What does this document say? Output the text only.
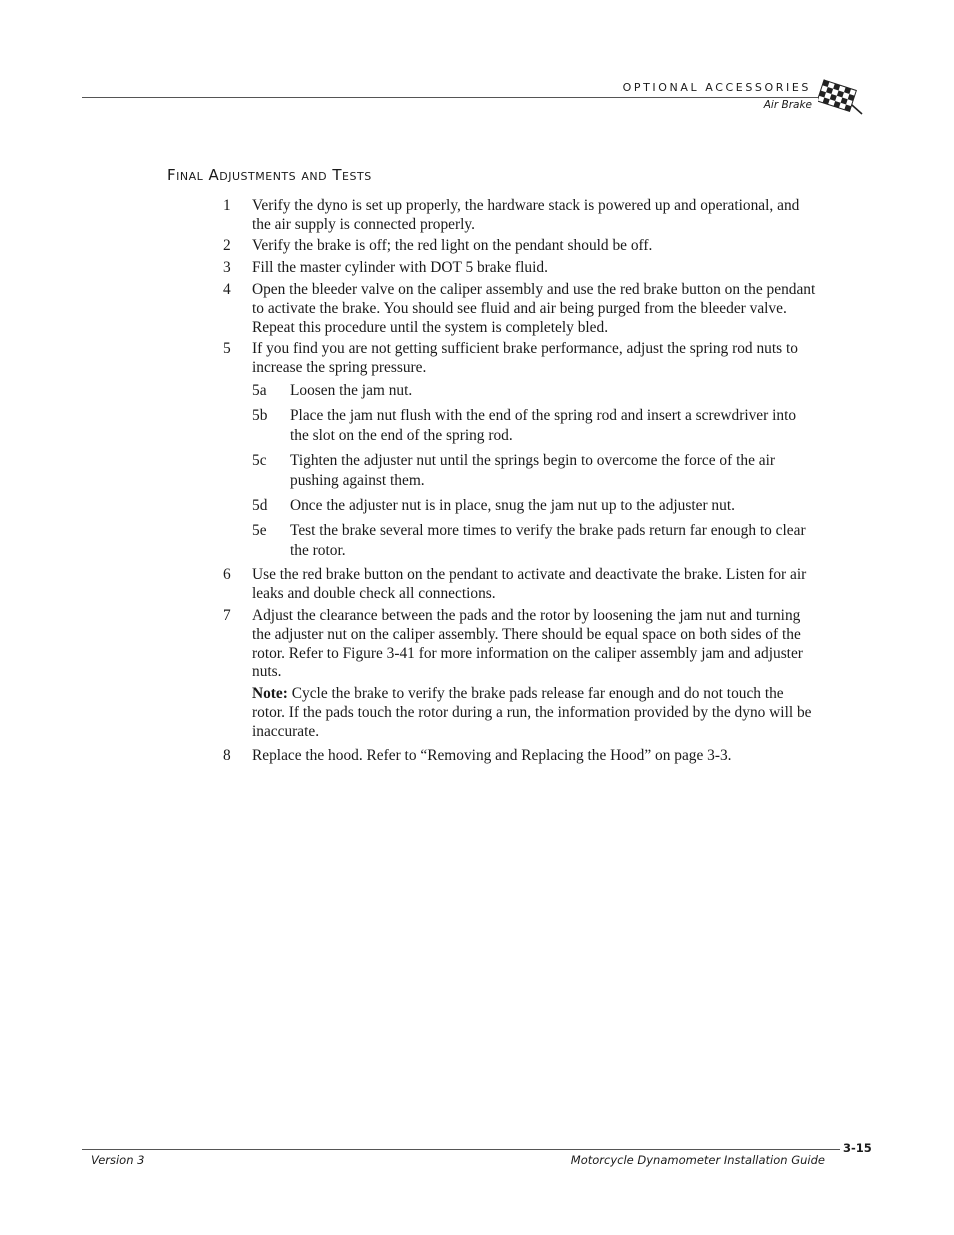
OPTIONAL ACCESSORIES
Air Brake
Final Adjustments and Tests
1 Verify the dyno is set up properly, the hardware stack is powered up and operational, and the air supply is connected properly.
2 Verify the brake is off; the red light on the pendant should be off.
3 Fill the master cylinder with DOT 5 brake fluid.
4 Open the bleeder valve on the caliper assembly and use the red brake button on the pendant to activate the brake. You should see fluid and air being purged from the bleeder valve. Repeat this procedure until the system is completely bled.
5 If you find you are not getting sufficient brake performance, adjust the spring rod nuts to increase the spring pressure.
5a Loosen the jam nut.
5b Place the jam nut flush with the end of the spring rod and insert a screwdriver into the slot on the end of the spring rod.
5c Tighten the adjuster nut until the springs begin to overcome the force of the air pushing against them.
5d Once the adjuster nut is in place, snug the jam nut up to the adjuster nut.
5e Test the brake several more times to verify the brake pads return far enough to clear the rotor.
6 Use the red brake button on the pendant to activate and deactivate the brake. Listen for air leaks and double check all connections.
7 Adjust the clearance between the pads and the rotor by loosening the jam nut and turning the adjuster nut on the caliper assembly. There should be equal space on both sides of the rotor. Refer to Figure 3-41 for more information on the caliper assembly jam and adjuster nuts.
Note: Cycle the brake to verify the brake pads release far enough and do not touch the rotor. If the pads touch the rotor during a run, the information provided by the dyno will be inaccurate.
8 Replace the hood. Refer to “Removing and Replacing the Hood” on page 3-3.
3-15
Version 3	Motorcycle Dynamometer Installation Guide
